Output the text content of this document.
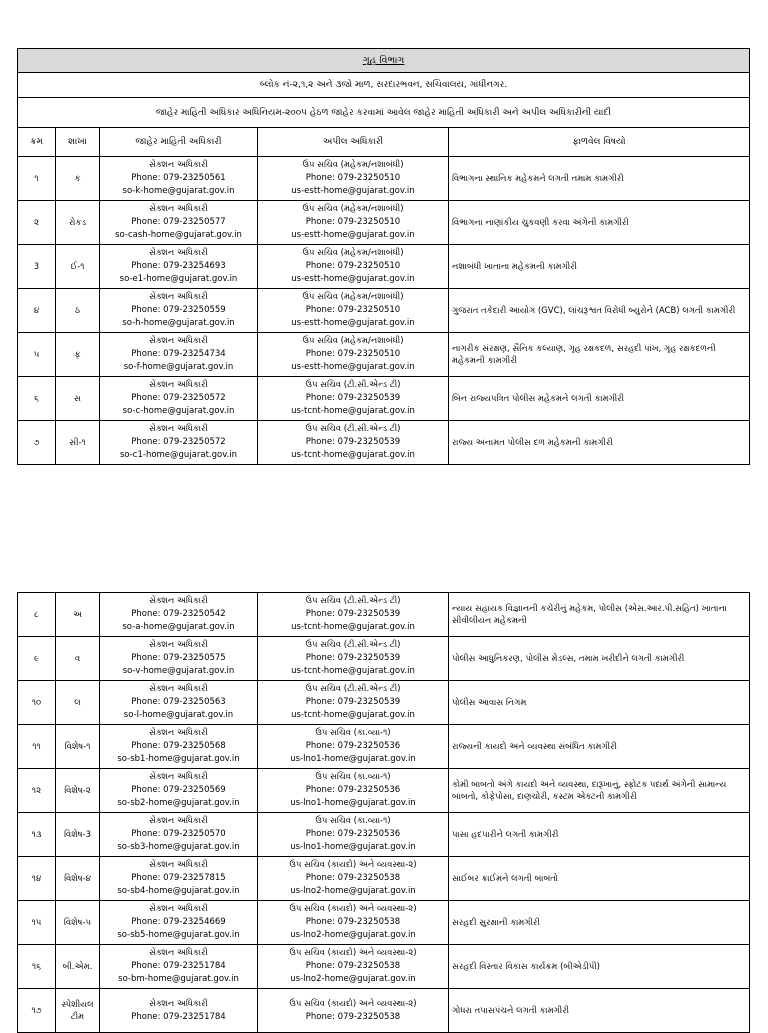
ગૃહ વિભાગ				
બ્લોક નં-૨,૧,૨ અને ૩જો માળ, સરદારભવન, સચિવાલય, ગાંધીનગર.				
જાહેર માહિતી અધિકાર અધિનિયમ-૨૦૦૫ હેઠળ જાહેર કરવામાં આવેલ જાહેર માહિતી અધિકારી અને અપીલ અધિકારીની યાદી				
ક્રમ	શાખા	જાહેર માહિતી અધિકારી	અપીલ અધિકારી	ફાળવેલ વિષયો
૧	ક	સેક્શન અધિકારી
Phone: 079-23250561
so-k-home@gujarat.gov.in	ઉપ સચિવ (મહેકમ/નશાબંધી)
Phone: 079-23250510
us-estt-home@gujarat.gov.in	વિભાગના સ્થાનિક મહેકમને લગતી તમામ કામગીરી
૨	રોકડ	સેક્શન અધિકારી
Phone: 079-23250577
so-cash-home@gujarat.gov.in	ઉપ સચિવ (મહેકમ/નશાબંધી)
Phone: 079-23250510
us-estt-home@gujarat.gov.in	વિભાગના નાણાંકીય ચુકવણી કરવા અંગેની કામગીરી
3	ઈ-૧	સેક્શન અધિકારી
Phone: 079-23254693
so-e1-home@gujarat.gov.in	ઉપ સચિવ (મહેકમ/નશાબંધી)
Phone: 079-23250510
us-estt-home@gujarat.gov.in	નશાબંધી ખાતાના મહેકમની કામગીરી
૪	ઠ	સેક્શન અધિકારી
Phone: 079-23250559
so-h-home@gujarat.gov.in	ઉપ સચિવ (મહેકમ/નશાબંધી)
Phone: 079-23250510
us-estt-home@gujarat.gov.in	ગુજરાત તકેદારી આયોગ (GVC), લાંચરૂશ્વત વિરોધી બ્યુરોને (ACB) લગતી કામગીરી
૫	ફ	સેક્શન અધિકારી
Phone: 079-23254734
so-f-home@gujarat.gov.in	ઉપ સચિવ (મહેકમ/નશાબંધી)
Phone: 079-23250510
us-estt-home@gujarat.gov.in	નાગરીક સંરક્ષણ, સૈનિક કલ્યાણ, ગૃહ રક્ષકદળ, સરહદી પાંખ, ગૃહ રક્ષકદળની મહેકમની કામગીરી
૬	સ	સેક્શન અધિકારી
Phone: 079-23250572
so-c-home@gujarat.gov.in	ઉપ સચિવ (ટી.સી.એન્ડ ટી)
Phone: 079-23250539
us-tcnt-home@gujarat.gov.in	બિન રાજ્યપત્રિત પોલીસ મહેકમને લગતી કામગીરી
૭	સી-૧	સેક્શન અધિકારી
Phone: 079-23250572
so-c1-home@gujarat.gov.in	ઉપ સચિવ (ટી.સી.એન્ડ ટી)
Phone: 079-23250539
us-tcnt-home@gujarat.gov.in	રાજ્ય અનામત પોલીસ દળ મહેકમની કામગીરી
૮	અ	સેક્શન અધિકારી
Phone: 079-23250542
so-a-home@gujarat.gov.in	ઉપ સચિવ (ટી.સી.એન્ડ ટી)
Phone: 079-23250539
us-tcnt-home@gujarat.gov.in	ન્યાય સહાયક વિજ્ઞાનની કચેરીનું મહેકમ, પોલીસ (એસ.આર.પી.સહિત) ખાતાના સીવીલીયન મહેકમની
૯	વ	સેક્શન અધિકારી
Phone: 079-23250575
so-v-home@gujarat.gov.in	ઉપ સચિવ (ટી.સી.એન્ડ ટી)
Phone: 079-23250539
us-tcnt-home@gujarat.gov.in	પોલીસ આધુનિકરણ, પોલીસ મેડલ્સ, તમામ ખરીદીને લગતી કામગીરી
૧૦	લ	સેક્શન અધિકારી
Phone: 079-23250563
so-l-home@gujarat.gov.in	ઉપ સચિવ (ટી.સી.એન્ડ ટી)
Phone: 079-23250539
us-tcnt-home@gujarat.gov.in	પોલીસ આવાસ નિગમ
૧૧	વિશેષ-૧	સેક્શન અધિકારી
Phone: 079-23250568
so-sb1-home@gujarat.gov.in	ઉપ સચિવ (કા.વ્યા-૧)
Phone: 079-23250536
us-lno1-home@gujarat.gov.in	રાજ્યની કાયદો અને વ્યવસ્થા સંબંધિત કામગીરી
૧૨	વિશેષ-૨	સેક્શન અધિકારી
Phone: 079-23250569
so-sb2-home@gujarat.gov.in	ઉપ સચિવ (કા.વ્યા-૧)
Phone: 079-23250536
us-lno1-home@gujarat.gov.in	કોમી બાબતો અંગે કાયદો અને વ્યવસ્થા, દારૂખાનું, સ્ફોટક પદાર્થ અંગેની સામાન્ય બાબતો, કોફેપોસા, દાણચોરી, કસ્ટમ એક્ટની કામગીરી
૧૩	વિશેષ-3	સેક્શન અધિકારી
Phone: 079-23250570
so-sb3-home@gujarat.gov.in	ઉપ સચિવ (કા.વ્યા-૧)
Phone: 079-23250536
us-lno1-home@gujarat.gov.in	પાસા હદપારીને લગતી કામગીરી
૧૪	વિશેષ-૪	સેક્શન અધિકારી
Phone: 079-23257815
so-sb4-home@gujarat.gov.in	ઉપ સચિવ (કાયદો) અને વ્યવસ્થા-૨)
Phone: 079-23250538
us-lno2-home@gujarat.gov.in	સાઈબર ક્રાઈમને લગતી બાબતો
૧૫	વિશેષ-૫	સેક્શન અધિકારી
Phone: 079-23254669
so-sb5-home@gujarat.gov.in	ઉપ સચિવ (કાયદો) અને વ્યવસ્થા-૨)
Phone: 079-23250538
us-lno2-home@gujarat.gov.in	સરહદી સુરક્ષાની કામગીરી
૧૬	બી.એમ.	સેક્શન અધિકારી
Phone: 079-23251784
so-bm-home@gujarat.gov.in	ઉપ સચિવ (કાયદો) અને વ્યવસ્થા-૨)
Phone: 079-23250538
us-lno2-home@gujarat.gov.in	સરહદી વિસ્તાર વિકાસ કાર્યક્રમ (બીએડીપી)
૧૭	સ્પેશીયલ ટીમ	સેક્શન અધિકારી
Phone: 079-23251784	ઉપ સચિવ (કાયદો) અને વ્યવસ્થા-૨)
Phone: 079-23250538	ગોધરા તપાસપંચને લગતી કામગીરી
